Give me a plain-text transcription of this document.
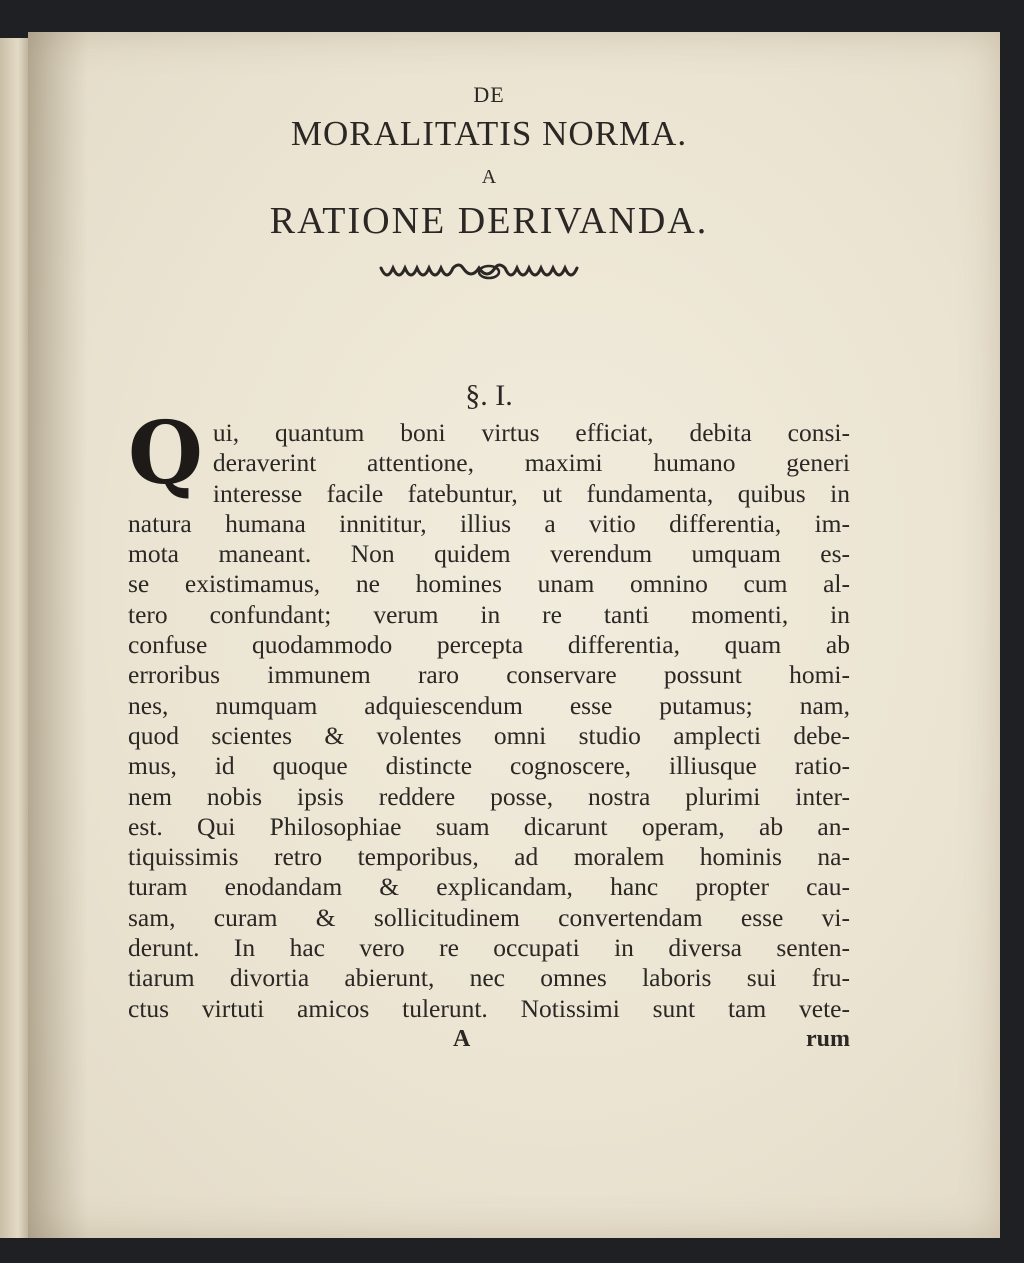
DE

MORALITATIS NORMA.

A

RATIONE DERIVANDA.

§. I.

Q ui, quantum boni virtus efficiat, debita consi-
deraverint attentione, maximi humano generi
interesse facile fatebuntur, ut fundamenta, quibus in
natura humana innititur, illius a vitio differentia, im-
mota maneant. Non quidem verendum umquam es-
se existimamus, ne homines unam omnino cum al-
tero confundant; verum in re tanti momenti, in
confuse quodammodo percepta differentia, quam ab
erroribus immunem raro conservare possunt homi-
nes, numquam adquiescendum esse putamus; nam,
quod scientes & volentes omni studio amplecti debe-
mus, id quoque distincte cognoscere, illiusque ratio-
nem nobis ipsis reddere posse, nostra plurimi inter-
est. Qui Philosophiae suam dicarunt operam, ab an-
tiquissimis retro temporibus, ad moralem hominis na-
turam enodandam & explicandam, hanc propter cau-
sam, curam & sollicitudinem convertendam esse vi-
derunt. In hac vero re occupati in diversa senten-
tiarum divortia abierunt, nec omnes laboris sui fru-
ctus virtuti amicos tulerunt. Notissimi sunt tam vete-
A	rum
